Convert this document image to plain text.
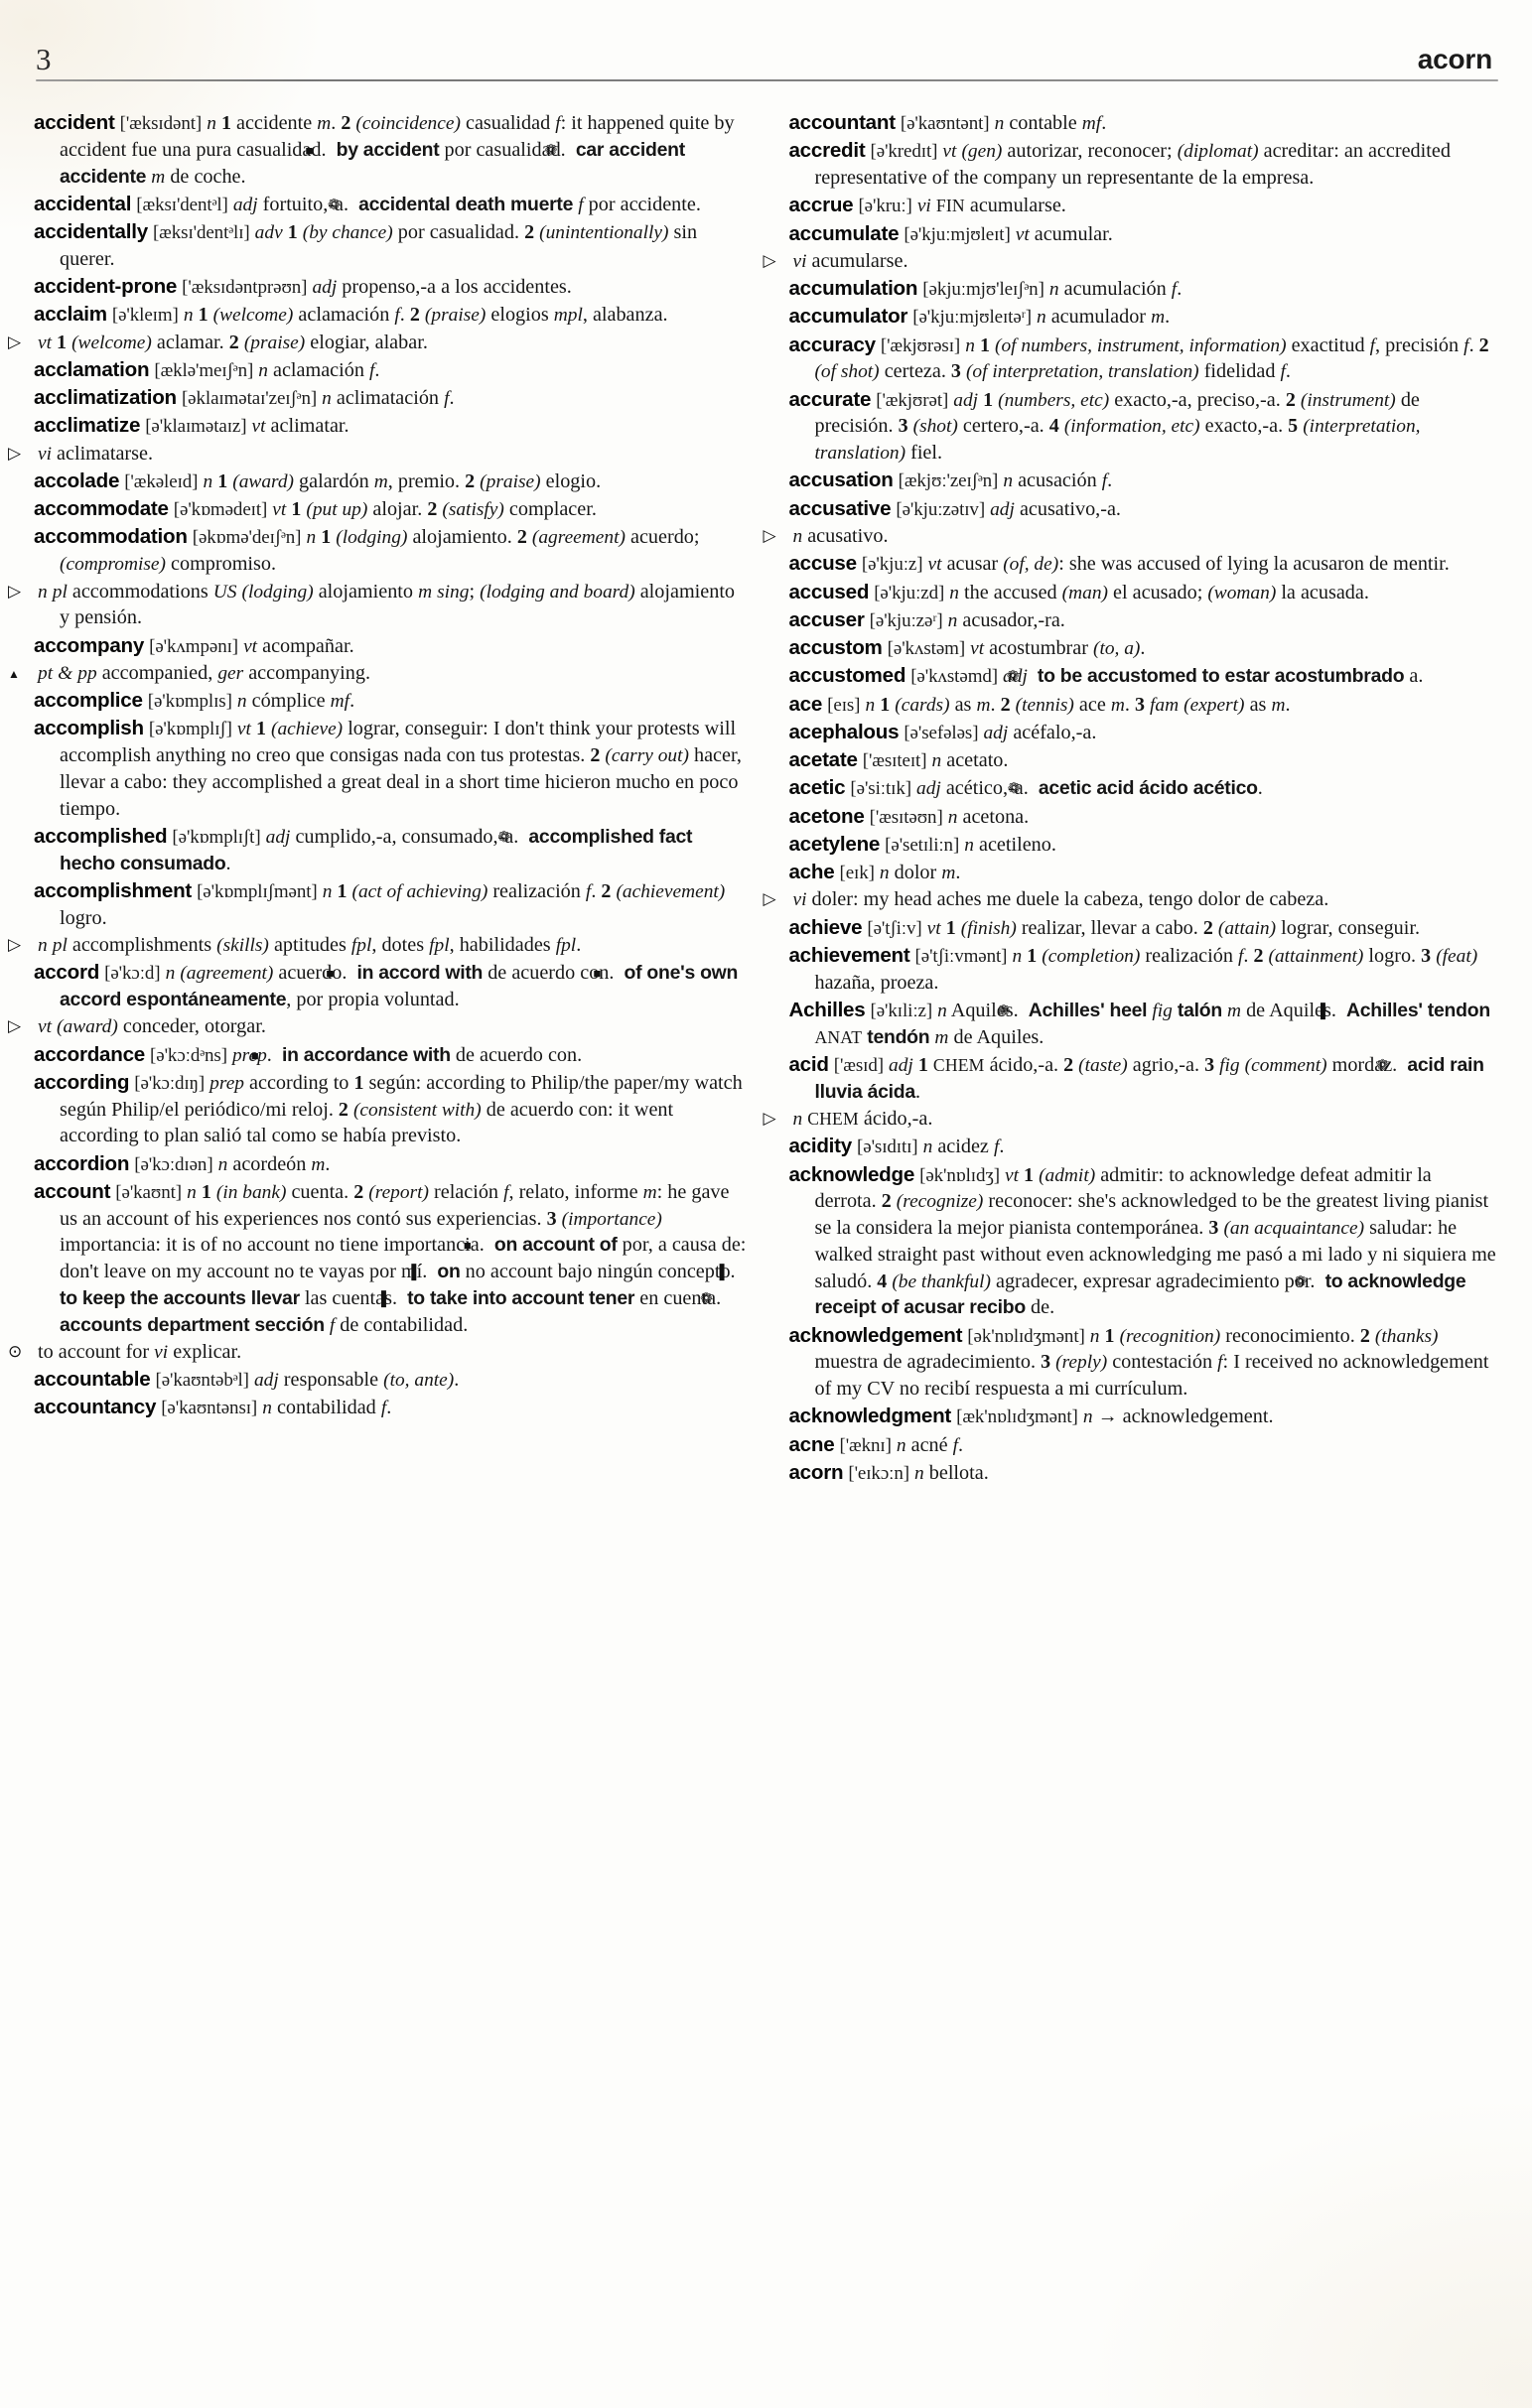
3	acorn

accident ['æksɪdənt] n 1 accidente m. 2 (coincidence) casualidad f: it happened quite by accident fue una pura casualidad. by accident por casualidad. car accident accidente m de coche.

accidental [æksɪ'dentᵊl] adj fortuito,-a. accidental death muerte f por accidente.

accidentally [æksɪ'dentᵊlɪ] adv 1 (by chance) por casualidad. 2 (unintentionally) sin querer.

accident-prone ['æksɪdəntprəʊn] adj propenso,-a a los accidentes.

acclaim [ə'kleɪm] n 1 (welcome) aclamación f. 2 (praise) elogios mpl, alabanza.

vt 1 (welcome) aclamar. 2 (praise) elogiar, alabar.

acclamation [æklə'meɪʃᵊn] n aclamación f.

acclimatization [əklaɪmətaɪ'zeɪʃᵊn] n aclimatación f.

acclimatize [ə'klaɪmətaɪz] vt aclimatar.

vi aclimatarse.

accolade ['ækəleɪd] n 1 (award) galardón m, premio. 2 (praise) elogio.

accommodate [ə'kɒmədeɪt] vt 1 (put up) alojar. 2 (satisfy) complacer.

accommodation [əkɒmə'deɪʃᵊn] n 1 (lodging) alojamiento. 2 (agreement) acuerdo; (compromise) compromiso.

n pl accommodations US (lodging) alojamiento m sing; (lodging and board) alojamiento y pensión.

accompany [ə'kʌmpənɪ] vt acompañar.

pt & pp accompanied, ger accompanying.

accomplice [ə'kɒmplɪs] n cómplice mf.

accomplish [ə'kɒmplɪʃ] vt 1 (achieve) lograr, conseguir: I don't think your protests will accomplish anything no creo que consigas nada con tus protestas. 2 (carry out) hacer, llevar a cabo: they accomplished a great deal in a short time hicieron mucho en poco tiempo.

accomplished [ə'kɒmplɪʃt] adj cumplido,-a, consumado,-a. accomplished fact hecho consumado.

accomplishment [ə'kɒmplɪʃmənt] n 1 (act of achieving) realización f. 2 (achievement) logro.

n pl accomplishments (skills) aptitudes fpl, dotes fpl, habilidades fpl.

accord [ə'kɔːd] n (agreement) acuerdo. in accord with de acuerdo con. of one's own accord espontáneamente, por propia voluntad.

vt (award) conceder, otorgar.

accordance [ə'kɔːdᵊns] prep. in accordance with de acuerdo con.

according [ə'kɔːdɪŋ] prep according to 1 según: according to Philip/the paper/my watch según Philip/el periódico/mi reloj. 2 (consistent with) de acuerdo con: it went according to plan salió tal como se había previsto.

accordion [ə'kɔːdɪən] n acordeón m.

account [ə'kaʊnt] n 1 (in bank) cuenta. 2 (report) relación f, relato, informe m: he gave us an account of his experiences nos contó sus experiencias. 3 (importance) importancia: it is of no account no tiene importancia. on account of por, a causa de: don't leave on my account no te vayas por mí. on no account bajo ningún concepto.  to keep the accounts llevar las cuentas. to take into account tener en cuenta.  accounts department sección f de contabilidad.

to account for vi explicar.

accountable [ə'kaʊntəbᵊl] adj responsable (to, ante).

accountancy [ə'kaʊntənsɪ] n contabilidad f.

accountant [ə'kaʊntənt] n contable mf.

accredit [ə'kredɪt] vt (gen) autorizar, reconocer; (diplomat) acreditar: an accredited representative of the company un representante de la empresa.

accrue [ə'kruː] vi FIN acumularse.

accumulate [ə'kjuːmjʊleɪt] vt acumular.

vi acumularse.

accumulation [əkjuːmjʊ'leɪʃᵊn] n acumulación f.

accumulator [ə'kjuːmjʊleɪtəʳ] n acumulador m.

accuracy ['ækjʊrəsɪ] n 1 (of numbers, instrument, information) exactitud f, precisión f. 2 (of shot) certeza. 3 (of interpretation, translation) fidelidad f.

accurate ['ækjʊrət] adj 1 (numbers, etc) exacto,-a, preciso,-a. 2 (instrument) de precisión. 3 (shot) certero,-a. 4 (information, etc) exacto,-a. 5 (interpretation, translation) fiel.

accusation [ækjʊː'zeɪʃᵊn] n acusación f.

accusative [ə'kjuːzətɪv] adj acusativo,-a.

n acusativo.

accuse [ə'kjuːz] vt acusar (of, de): she was accused of lying la acusaron de mentir.

accused [ə'kjuːzd] n the accused (man) el acusado; (woman) la acusada.

accuser [ə'kjuːzəʳ] n acusador,-ra.

accustom [ə'kʌstəm] vt acostumbrar (to, a).

accustomed [ə'kʌstəmd] adj to be accustomed to estar acostumbrado a.

ace [eɪs] n 1 (cards) as m. 2 (tennis) ace m. 3 fam (expert) as m.

acephalous [ə'sefələs] adj acéfalo,-a.

acetate ['æsɪteɪt] n acetato.

acetic [ə'siːtɪk] adj acético,-a. acetic acid ácido acético.

acetone ['æsɪtəʊn] n acetona.

acetylene [ə'setɪliːn] n acetileno.

ache [eɪk] n dolor m.

vi doler: my head aches me duele la cabeza, tengo dolor de cabeza.

achieve [ə'tʃiːv] vt 1 (finish) realizar, llevar a cabo. 2 (attain) lograr, conseguir.

achievement [ə'tʃiːvmənt] n 1 (completion) realización f. 2 (attainment) logro. 3 (feat) hazaña, proeza.

Achilles [ə'kɪliːz] n Aquiles. Achilles' heel fig talón m de Aquiles. Achilles' tendon ANAT tendón m de Aquiles.

acid ['æsɪd] adj 1 CHEM ácido,-a. 2 (taste) agrio,-a. 3 fig (comment) mordaz. acid rain lluvia ácida.

n CHEM ácido,-a.

acidity [ə'sɪdɪtɪ] n acidez f.

acknowledge [ək'nɒlɪdʒ] vt 1 (admit) admitir: to acknowledge defeat admitir la derrota. 2 (recognize) reconocer: she's acknowledged to be the greatest living pianist se la considera la mejor pianista contemporánea. 3 (an acquaintance) saludar: he walked straight past without even acknowledging me pasó a mi lado y ni siquiera me saludó. 4 (be thankful) agradecer, expresar agradecimiento por. to acknowledge receipt of acusar recibo de.

acknowledgement [ək'nɒlɪdʒmənt] n 1 (recognition) reconocimiento. 2 (thanks) muestra de agradecimiento. 3 (reply) contestación f: I received no acknowledgement of my CV no recibí respuesta a mi currículum.

acknowledgment [æk'nɒlɪdʒmənt] n → acknowledgement.

acne ['æknɪ] n acné f.

acorn ['eɪkɔːn] n bellota.
